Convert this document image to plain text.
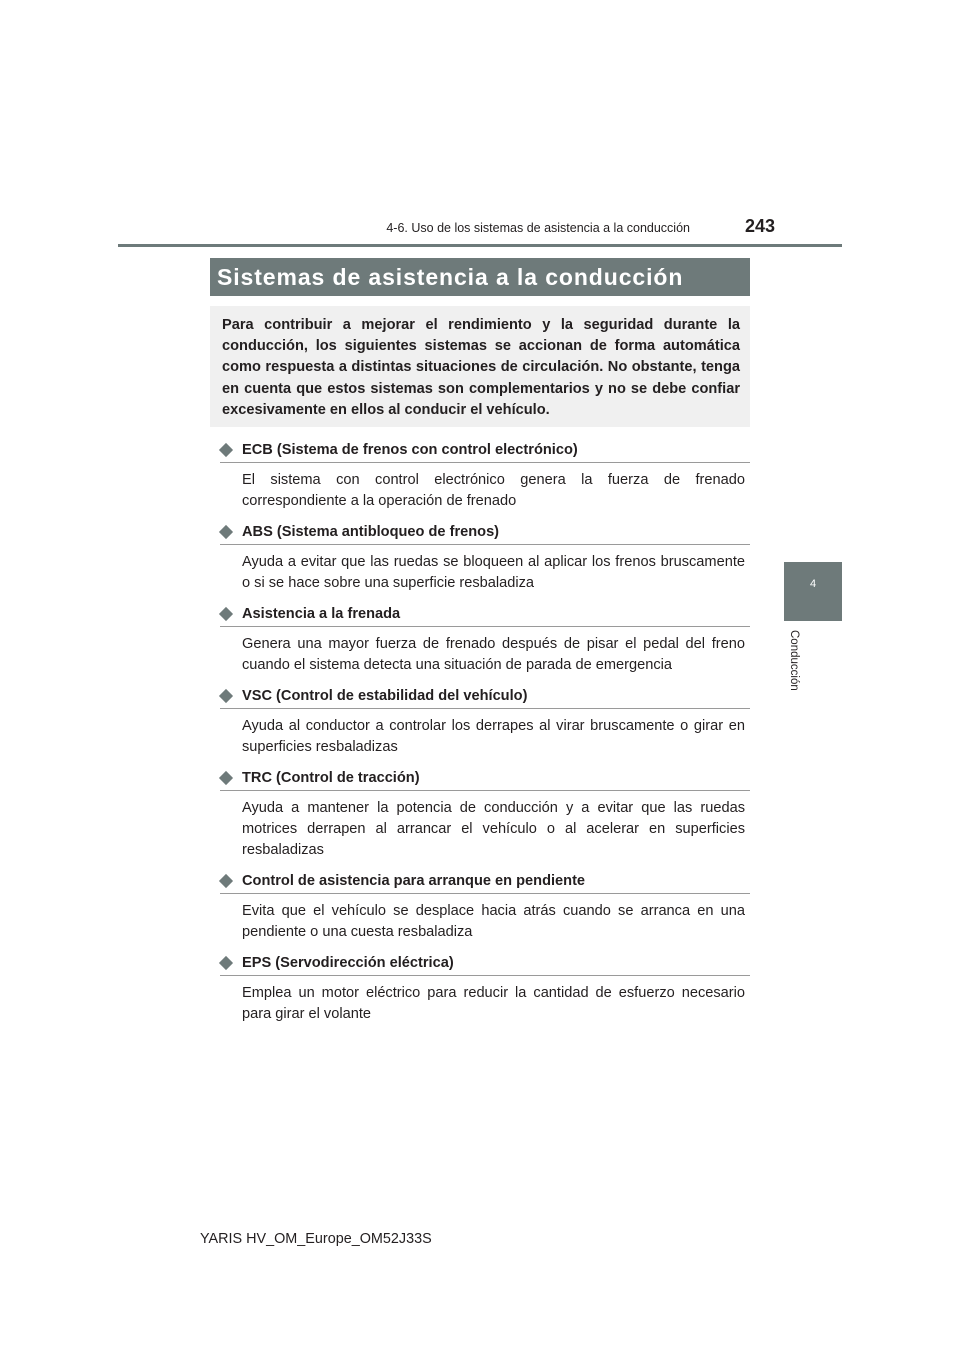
4-6. Uso de los sistemas de asistencia a la conducción	243
Sistemas de asistencia a la conducción

Para contribuir a mejorar el rendimiento y la seguridad durante la conducción, los siguientes sistemas se accionan de forma automática como respuesta a distintas situaciones de circulación. No obstante, tenga en cuenta que estos sistemas son complementarios y no se debe confiar excesivamente en ellos al conducir el vehículo.

ECB (Sistema de frenos con control electrónico)

El sistema con control electrónico genera la fuerza de frenado correspondiente a la operación de frenado

ABS (Sistema antibloqueo de frenos)

Ayuda a evitar que las ruedas se bloqueen al aplicar los frenos bruscamente o si se hace sobre una superficie resbaladiza

Asistencia a la frenada

Genera una mayor fuerza de frenado después de pisar el pedal del freno cuando el sistema detecta una situación de parada de emergencia

VSC (Control de estabilidad del vehículo)

Ayuda al conductor a controlar los derrapes al virar bruscamente o girar en superficies resbaladizas

TRC (Control de tracción)

Ayuda a mantener la potencia de conducción y a evitar que las ruedas motrices derrapen al arrancar el vehículo o al acelerar en superficies resbaladizas

Control de asistencia para arranque en pendiente

Evita que el vehículo se desplace hacia atrás cuando se arranca en una pendiente o una cuesta resbaladiza

EPS (Servodirección eléctrica)

Emplea un motor eléctrico para reducir la cantidad de esfuerzo necesario para girar el volante

4
Conducción
YARIS HV_OM_Europe_OM52J33S
